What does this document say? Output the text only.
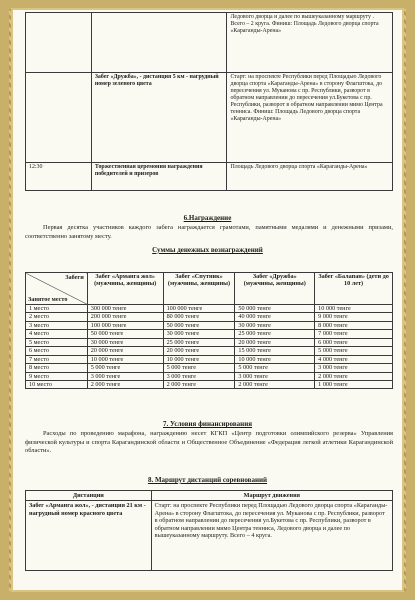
		Ледового дворца и далее по вышеуказанному маршруту . Всего – 2 круга. Финиш: Площадь Ледового дворца спорта «Караганды-Арена»
	Забег «Дружба», - дистанция 5 км - нагрудный номер зеленого цвета	Старт: на проспекте Республики перед Площадью Ледового дворца спорта «Караганды-Арена» в сторону Флагштока, до пересечения ул. Муканова с пр. Республики, разворот в обратном направлении до пересечения ул.Букетова с пр. Республики, разворот в обратном направлении мимо Центра тенниса. Финиш: Площадь Ледового дворца спорта «Караганды-Арена»
12:30	Торжественная церемония награждения победителей и призеров	Площадь Ледового дворца спорта «Караганды-Арена»
6.Награждение
Первая десятка участников каждого забега награждается грамотами, памятными медалями и денежными призами, соответственно занятому месту.
Суммы денежных вознаграждений
Забеги
Занятое место	Забег «Арманга жол» (мужчины, женщины)	Забег «Спутник» (мужчины, женщины)	Забег «Дружба» (мужчины, женщины)	Забег «Балапан» (дети до 10 лет)
1 место	300 000 тенге	100 000 тенге	50 000 тенге	10 000 тенге
2 место	200 000 тенге	80 000 тенге	40 000 тенге	9 000 тенге
3 место	100 000 тенге	50 000 тенге	30 000 тенге	8 000 тенге
4 место	50 000 тенге	30 000 тенге	25 000 тенге	7 000 тенге
5 место	30 000 тенге	25 000 тенге	20 000 тенге	6 000 тенге
6 место	20 000 тенге	20 000 тенге	15 000 тенге	5 000 тенге
7 место	10 000 тенге	10 000 тенге	10 000 тенге	4 000 тенге
8 место	5 000 тенге	5 000 тенге	5 000 тенге	3 000 тенге
9 место	3 000 тенге	3 000 тенге	3 000 тенге	2 000 тенге
10 место	2 000 тенге	2 000 тенге	2 000 тенге	1 000 тенге
7. Условия финансирования
Расходы по проведению марафона, награждению несет КГКП «Центр подготовки олимпийского резерва» Управления физической культуры и спорта Карагандинской области и Общественное Объединение «Федерация легкой атлетики Карагандинской области».
8. Маршрут дистанций соревнований
Дистанции	Маршрут движения
Забег «Арманга жол», - дистанция 21 км - нагрудный номер красного цвета	Старт: на проспекте Республики перед Площадью Ледового дворца спорта «Караганды-Арена» в сторону Флагштока, до пересечения ул. Муканова с пр. Республики, разворот в обратном направлении до пересечения ул.Букетова с пр. Республики, разворот в обратном направлении мимо Центра тенниса, Ледового дворца и далее по вышеуказанному маршруту. Всего – 4 круга.
